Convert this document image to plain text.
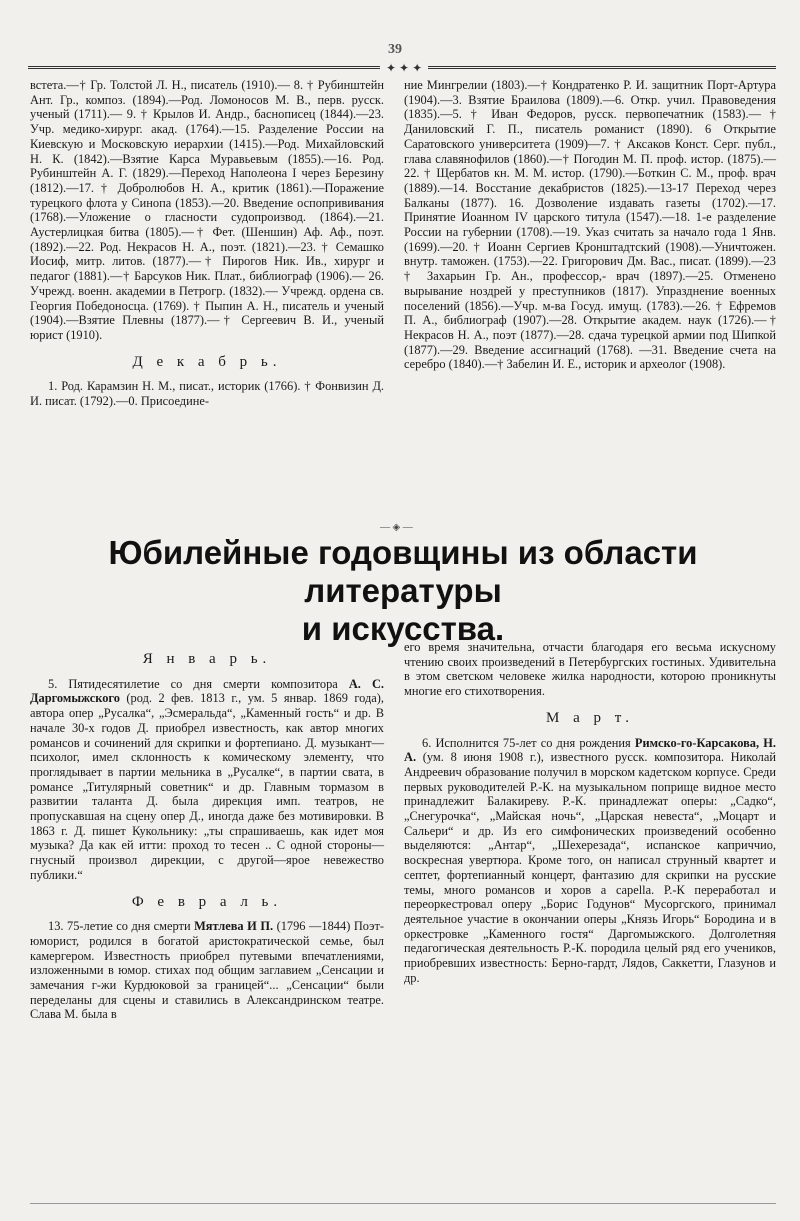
39
✦ ✦ ✦

встета.—† Гр. Толстой Л. Н., писатель (1910).— 8. † Рубинштейн Ант. Гр., композ. (1894).—Род. Ломоносов М. В., перв. русск. ученый (1711).— 9. † Крылов И. Андр., баснописец (1844).—23. Учр. медико-хирург. акад. (1764).—15. Разделение России на Киевскую и Московскую иерархии (1415).—Род. Михайловский Н. К. (1842).—Взятие Карса Муравьевым (1855).—16. Род. Рубинштейн А. Г. (1829).—Переход Наполеона I через Березину (1812).—17. † Добролюбов Н. А., критик (1861).—Поражение турецкого флота у Синопа (1853).—20. Введение оспопрививания (1768).—Уложение о гласности судопроизвод. (1864).—21. Аустерлицкая битва (1805).—† Фет. (Шеншин) Аф. Аф., поэт. (1892).—22. Род. Некрасов Н. А., поэт. (1821).—23. † Семашко Иосиф, митр. литов. (1877).—† Пирогов Ник. Ив., хирург и педагог (1881).—† Барсуков Ник. Плат., библиограф (1906).— 26. Учрежд. военн. академии в Петрогр. (1832).— Учрежд. ордена св. Георгия Победоносца. (1769). † Пыпин А. Н., писатель и ученый (1904).—Взятие Плевны (1877).—† Сергеевич В. И., ученый юрист (1910).

Д е к а б р ь.

1. Род. Карамзин Н. М., писат., историк (1766). † Фонвизин Д. И. писат. (1792).—0. Присоедине-

ние Мингрелии (1803).—† Кондратенко Р. И. защитник Порт-Артура (1904).—3. Взятие Браилова (1809).—6. Откр. учил. Правоведения (1835).—5. † Иван Федоров, русск. первопечатник (1583).— † Даниловский Г. П., писатель романист (1890). 6 Открытие Саратовского университета (1909)—7. † Аксаков Конст. Серг. публ., глава славянофилов (1860).—† Погодин М. П. проф. истор. (1875).— 22. † Щербатов кн. М. М. истор. (1790).—Боткин С. М., проф. врач (1889).—14. Восстание декабристов (1825).—13-17 Переход через Балканы (1877). 16. Дозволение издавать газеты (1702).—17. Принятие Иоанном IV царского титула (1547).—18. 1-е разделение России на губернии (1708).—19. Указ считать за начало года 1 Янв. (1699).—20. † Иоанн Сергиев Кронштадтский (1908).—Уничтожен. внутр. таможен. (1753).—22. Григорович Дм. Вас., писат. (1899).—23 † Захарьин Гр. Ан., профессор,- врач (1897).—25. Отменено вырывание ноздрей у преступников (1817). Упразднение военных поселений (1856).—Учр. м-ва Госуд. имущ. (1783).—26. † Ефремов П. А., библиограф (1907).—28. Открытие академ. наук (1726).—† Некрасов Н. А., поэт (1877).—28. сдача турецкой армии под Шипкой (1877).—29. Введение ассигнаций (1768). —31. Введение счета на серебро (1840).—† Забелин И. Е., историк и археолог (1908).

— ◈ —
Юбилейные годовщины из области литературы
и искусства.
Я н в а р ь.

5. Пятидесятилетие со дня смерти композитора А. С. Даргомыжского (род. 2 фев. 1813 г., ум. 5 январ. 1869 года), автора опер „Русалка“, „Эсмеральда“, „Каменный гость“ и др. В начале 30-х годов Д. приобрел известность, как автор многих романсов и сочинений для скрипки и фортепиано. Д. музыкант—психолог, имел склонность к комическому элементу, что проглядывает в партии мельника в „Русалке“, в партии свата, в романсе „Титулярный советник“ и др. Главным тормазом в развитии таланта Д. была дирекция имп. театров, не пропускавшая на сцену опер Д., иногда даже без мотивировки. В 1863 г. Д. пишет Кукольнику: „ты спрашиваешь, как идет моя музыка? Да как ей итти: проход то тесен .. С одной стороны—гнусный произвол дирекции, с другой—ярое невежество публики.“

Ф е в р а л ь.

13. 75-летие со дня смерти Мятлева И П. (1796 —1844) Поэт-юморист, родился в богатой аристократической семье, был камергером. Известность приобрел путевыми впечатлениями, изложенными в юмор. стихах под общим заглавием „Сенсации и замечания г-жи Курдюковой за границей“... „Сенсации“ были переделаны для сцены и ставились в Александринском театре. Слава М. была в

его время значительна, отчасти благодаря его весьма искусному чтению своих произведений в Петербургских гостиных. Удивительна в этом светском человеке жилка народности, которою проникнуты многие его стихотворения.

М а р т.

6. Исполнится 75-лет со дня рождения Римско-го-Карсакова, Н. А. (ум. 8 июня 1908 г.), известного русск. композитора. Николай Андреевич образование получил в морском кадетском корпусе. Среди первых руководителей Р.-К. на музыкальном поприще видное место принадлежит Балакиреву. Р.-К. принадлежат оперы: „Садко“, „Снегурочка“, „Майская ночь“, „Царская невеста“, „Моцарт и Сальери“ и др. Из его симфонических произведений особенно выделяются: „Антар“, „Шехерезада“, испанское каприччио, воскресная увертюра. Кроме того, он написал струнный квартет и септет, фортепианный концерт, фантазию для скрипки на русские темы, много романсов и хоров a capella. Р.-К переработал и переоркестровал оперу „Борис Годунов“ Мусоргского, принимал деятельное участие в окончании оперы „Князь Игорь“ Бородина и в оркестровке „Каменного гостя“ Даргомыжского. Долголетняя педагогическая деятельность Р.-К. породила целый ряд его учеников, приобревших известность: Берно-гардт, Лядов, Саккетти, Глазунов и др.
